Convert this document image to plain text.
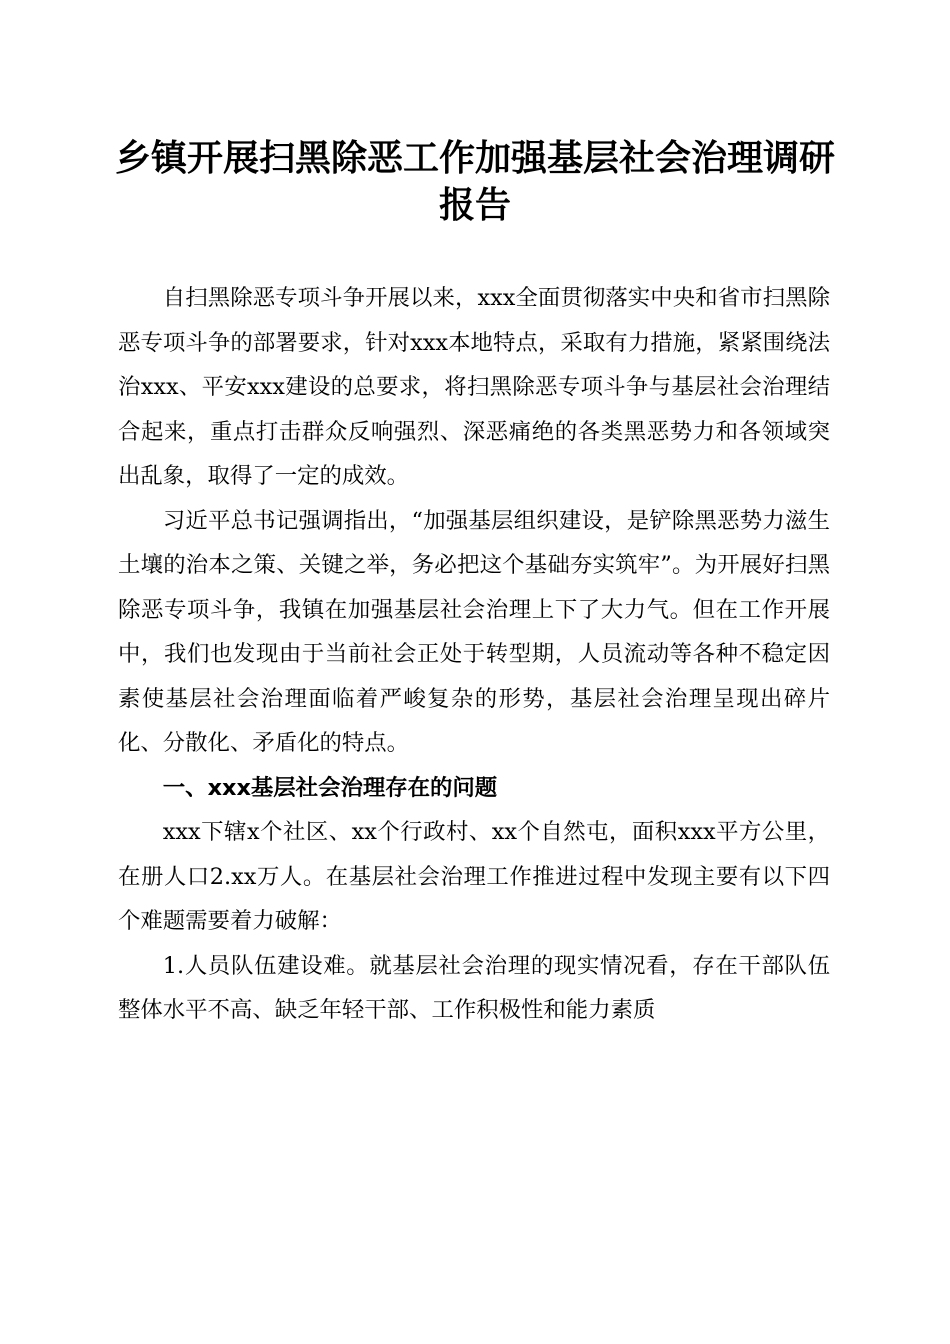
乡镇开展扫黑除恶工作加强基层社会治理调研
报告

自扫黑除恶专项斗争开展以来，xxx全面贯彻落实中央和省市扫黑除恶专项斗争的部署要求，针对xxx本地特点，采取有力措施，紧紧围绕法治xxx、平安xxx建设的总要求，将扫黑除恶专项斗争与基层社会治理结合起来，重点打击群众反响强烈、深恶痛绝的各类黑恶势力和各领域突出乱象，取得了一定的成效。

习近平总书记强调指出，“加强基层组织建设，是铲除黑恶势力滋生土壤的治本之策、关键之举，务必把这个基础夯实筑牢”。为开展好扫黑除恶专项斗争，我镇在加强基层社会治理上下了大力气。但在工作开展中，我们也发现由于当前社会正处于转型期，人员流动等各种不稳定因素使基层社会治理面临着严峻复杂的形势，基层社会治理呈现出碎片化、分散化、矛盾化的特点。

一、xxx基层社会治理存在的问题

xxx下辖x个社区、xx个行政村、xx个自然屯，面积xxx平方公里，在册人口2.xx万人。在基层社会治理工作推进过程中发现主要有以下四个难题需要着力破解：

1.人员队伍建设难。就基层社会治理的现实情况看，存在干部队伍整体水平不高、缺乏年轻干部、工作积极性和能力素质
